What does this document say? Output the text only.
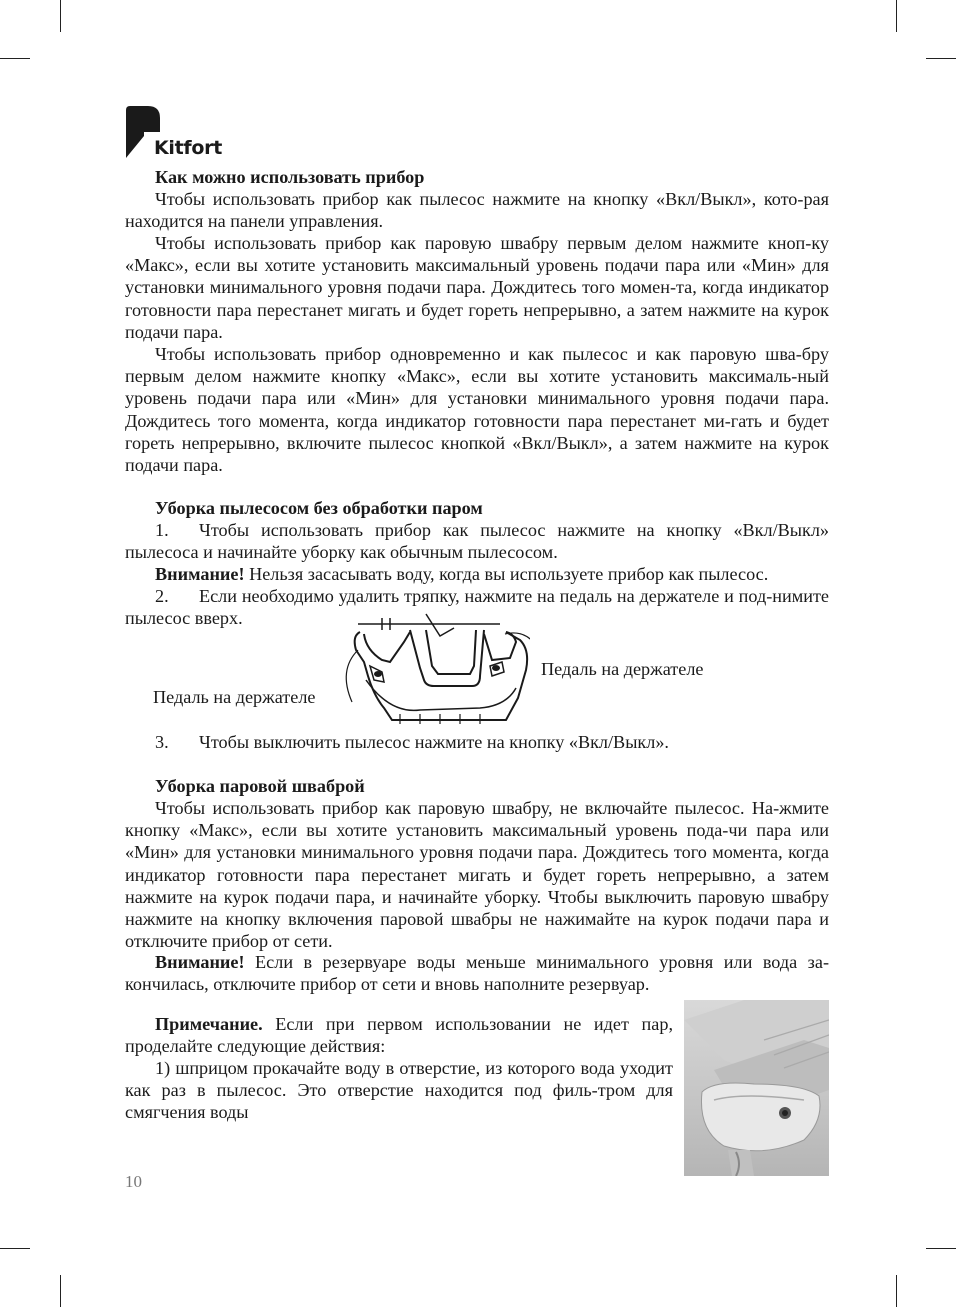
Kitfort

Как можно использовать прибор

Чтобы использовать прибор как пылесос нажмите на кнопку «Вкл/Выкл», кото-рая находится на панели управления.

Чтобы использовать прибор как паровую швабру первым делом нажмите кноп-ку «Макс», если вы хотите установить максимальный уровень подачи пара или «Мин» для установки минимального уровня подачи пара. Дождитесь того момен-та, когда индикатор готовности пара перестанет мигать и будет гореть непрерывно, а затем нажмите на курок подачи пара.

Чтобы использовать прибор одновременно и как пылесос и как паровую шва-бру первым делом нажмите кнопку «Макс», если вы хотите установить максималь-ный уровень подачи пара или «Мин» для установки минимального уровня подачи пара. Дождитесь того момента, когда индикатор готовности пара перестанет ми-гать и будет гореть непрерывно, включите пылесос кнопкой «Вкл/Выкл», а затем нажмите на курок подачи пара.

Уборка пылесосом без обработки паром

1. Чтобы использовать прибор как пылесос нажмите на кнопку «Вкл/Выкл» пылесоса и начинайте уборку как обычным пылесосом.

Внимание! Нельзя засасывать воду, когда вы используете прибор как пылесос.

2. Если необходимо удалить тряпку, нажмите на педаль на держателе и под-нимите пылесос вверх.

Педаль на держателе
Педаль на держателе

3. Чтобы выключить пылесос нажмите на кнопку «Вкл/Выкл».

Уборка паровой шваброй

Чтобы использовать прибор как паровую швабру, не включайте пылесос. На-жмите кнопку «Макс», если вы хотите установить максимальный уровень пода-чи пара или «Мин» для установки минимального уровня подачи пара. Дождитесь того момента, когда индикатор готовности пара перестанет мигать и будет гореть непрерывно, а затем нажмите на курок подачи пара, и начинайте уборку. Чтобы выключить паровую швабру нажмите на кнопку включения паровой швабры не нажимайте на курок подачи пара и отключите прибор от сети.

Внимание! Если в резервуаре воды меньше минимального уровня или вода за-кончилась, отключите прибор от сети и вновь наполните резервуар.

Примечание. Если при первом использовании не идет пар, проделайте следующие действия:

1) шприцом прокачайте воду в отверстие, из которого вода уходит как раз в пылесос. Это отверстие находится под филь-тром для смягчения воды

10
